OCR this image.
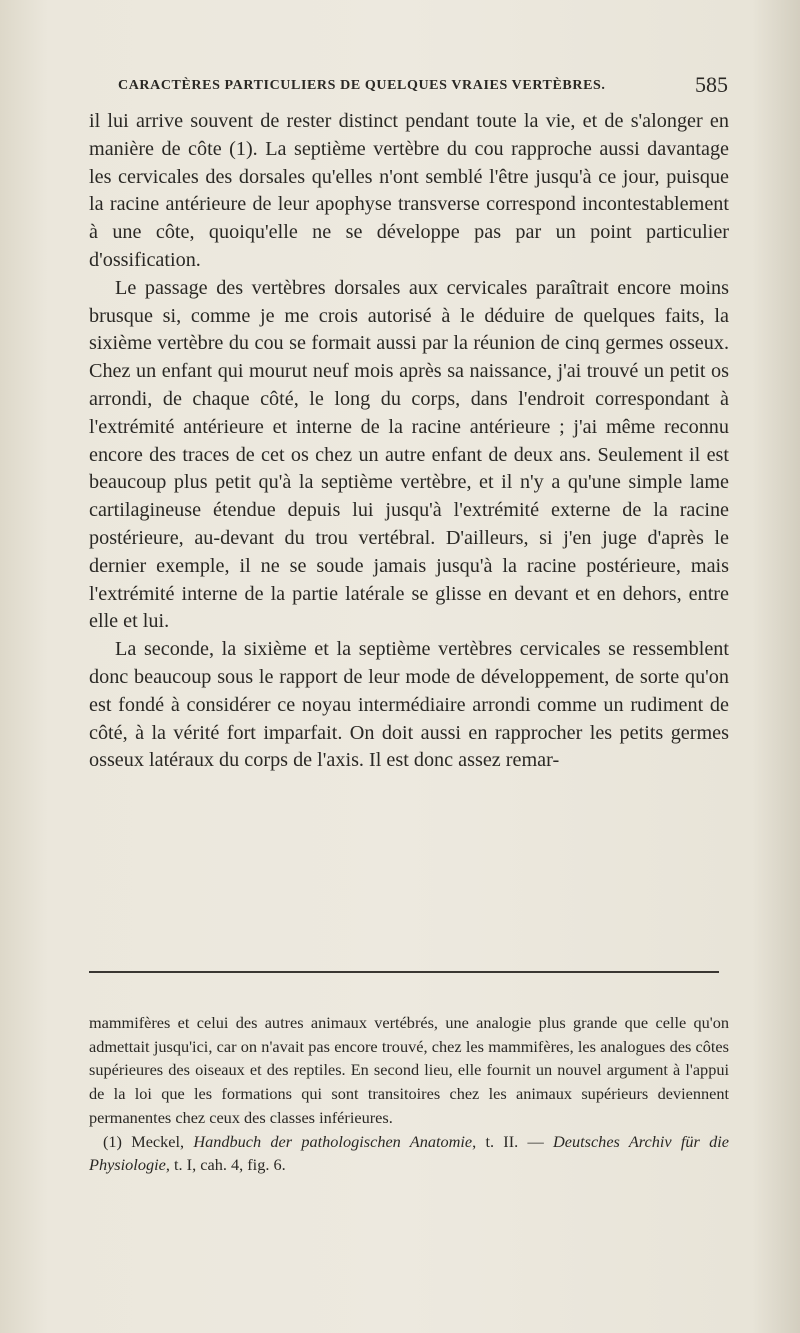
CARACTÈRES PARTICULIERS DE QUELQUES VRAIES VERTÈBRES.	585

il lui arrive souvent de rester distinct pendant toute la vie, et de s'alonger en manière de côte (1). La septième vertèbre du cou rapproche aussi davantage les cervicales des dorsales qu'elles n'ont semblé l'être jusqu'à ce jour, puisque la racine antérieure de leur apophyse transverse correspond incontestablement à une côte, quoiqu'elle ne se développe pas par un point particulier d'ossification.

Le passage des vertèbres dorsales aux cervicales paraîtrait encore moins brusque si, comme je me crois autorisé à le déduire de quelques faits, la sixième vertèbre du cou se formait aussi par la réunion de cinq germes osseux. Chez un enfant qui mourut neuf mois après sa naissance, j'ai trouvé un petit os arrondi, de chaque côté, le long du corps, dans l'endroit correspondant à l'extrémité antérieure et interne de la racine antérieure ; j'ai même reconnu encore des traces de cet os chez un autre enfant de deux ans. Seulement il est beaucoup plus petit qu'à la septième vertèbre, et il n'y a qu'une simple lame cartilagineuse étendue depuis lui jusqu'à l'extrémité externe de la racine postérieure, au-devant du trou vertébral. D'ailleurs, si j'en juge d'après le dernier exemple, il ne se soude jamais jusqu'à la racine postérieure, mais l'extrémité interne de la partie latérale se glisse en devant et en dehors, entre elle et lui.

La seconde, la sixième et la septième vertèbres cervicales se ressemblent donc beaucoup sous le rapport de leur mode de développement, de sorte qu'on est fondé à considérer ce noyau intermédiaire arrondi comme un rudiment de côté, à la vérité fort imparfait. On doit aussi en rapprocher les petits germes osseux latéraux du corps de l'axis. Il est donc assez remar-

mammifères et celui des autres animaux vertébrés, une analogie plus grande que celle qu'on admettait jusqu'ici, car on n'avait pas encore trouvé, chez les mammifères, les analogues des côtes supérieures des oiseaux et des reptiles. En second lieu, elle fournit un nouvel argument à l'appui de la loi que les formations qui sont transitoires chez les animaux supérieurs deviennent permanentes chez ceux des classes inférieures.

(1) Meckel, Handbuch der pathologischen Anatomie, t. II. — Deutsches Archiv für die Physiologie, t. I, cah. 4, fig. 6.
